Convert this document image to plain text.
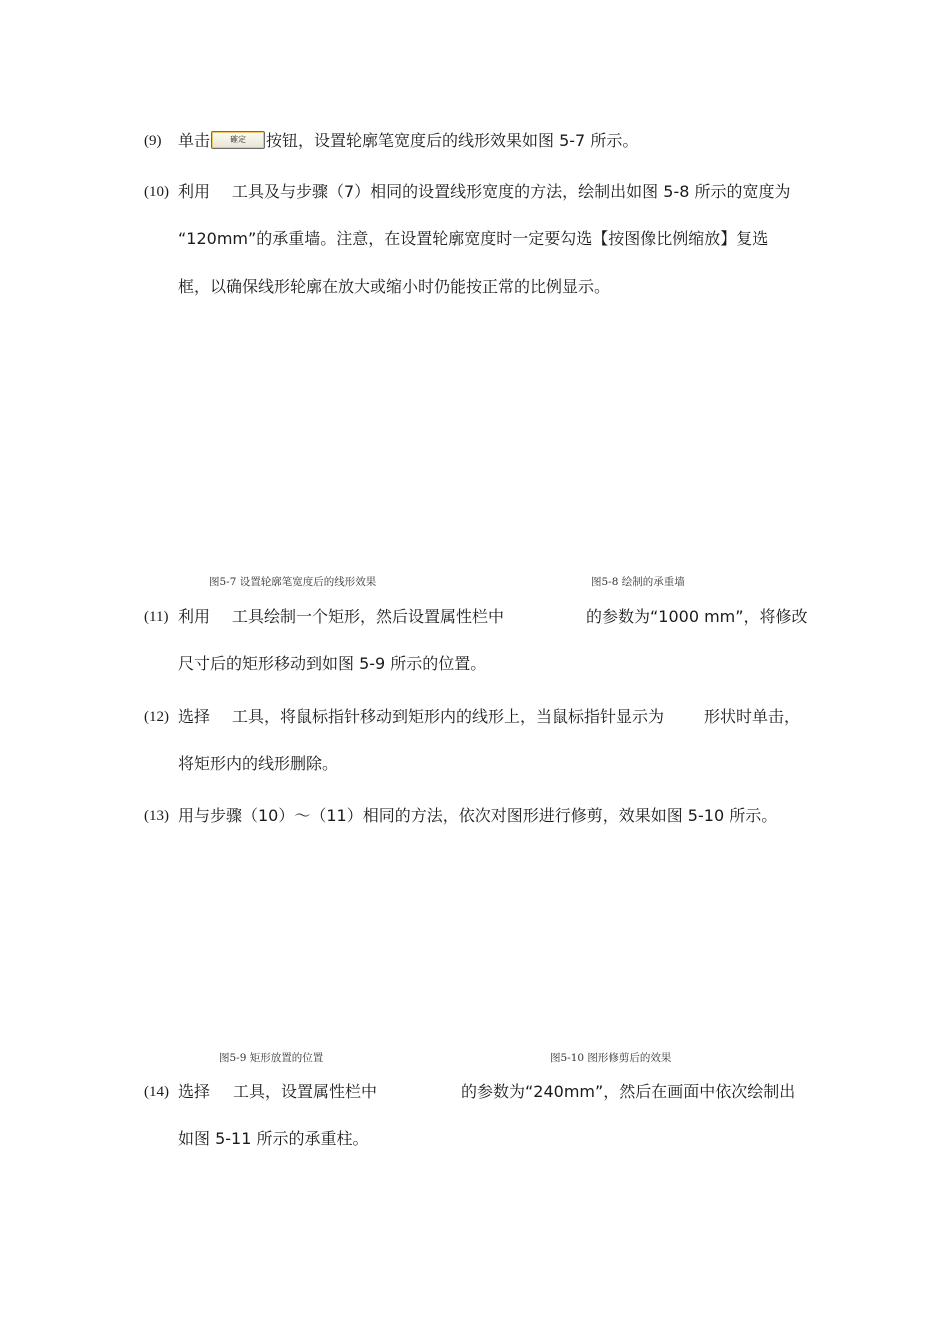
(9) 单击	確定 按钮，设置轮廓笔宽度后的线形效果如图 5-7 所示。
(10) 利用 工具及与步骤（7）相同的设置线形宽度的方法，绘制出如图 5-8 所示的宽度为
“120mm”的承重墙。注意，在设置轮廓宽度时一定要勾选【按图像比例缩放】复选
框，以确保线形轮廓在放大或缩小时仍能按正常的比例显示。
图5-7 设置轮廓笔宽度后的线形效果	图5-8 绘制的承重墙
(11) 利用 工具绘制一个矩形，然后设置属性栏中	的参数为“1000 mm”，将修改
尺寸后的矩形移动到如图 5-9 所示的位置。
(12) 选择 工具，将鼠标指针移动到矩形内的线形上，当鼠标指针显示为 形状时单击，
将矩形内的线形删除。
(13) 用与步骤（10）～（11）相同的方法，依次对图形进行修剪，效果如图 5-10 所示。
图5-9 矩形放置的位置	图5-10 图形修剪后的效果
(14) 选择 工具，设置属性栏中	的参数为“240mm”，然后在画面中依次绘制出
如图 5-11 所示的承重柱。
